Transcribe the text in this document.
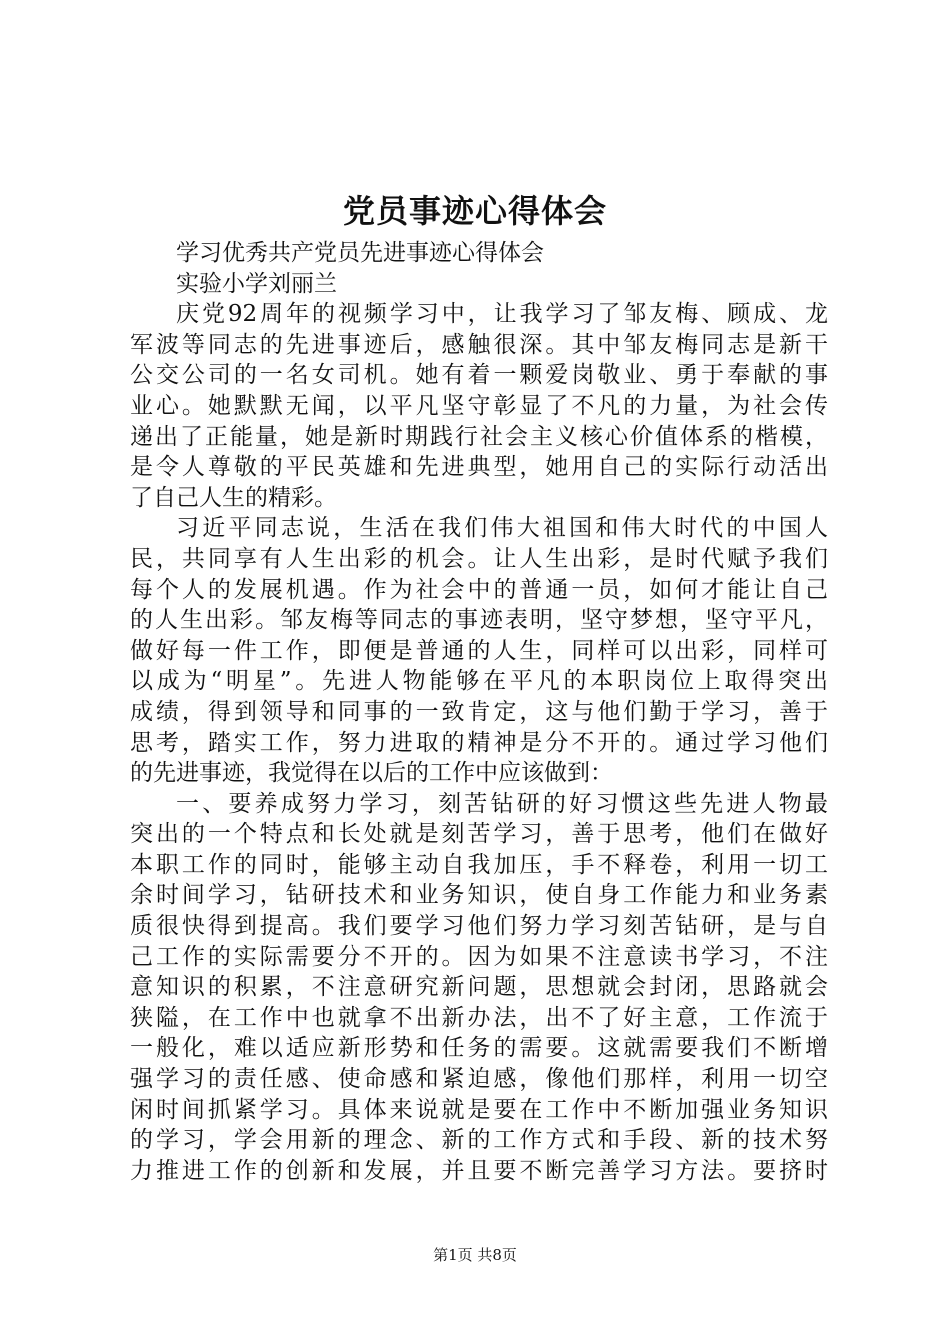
党员事迹心得体会
学习优秀共产党员先进事迹心得体会
实验小学刘丽兰
庆党92周年的视频学习中，让我学习了邹友梅、顾成、龙
军波等同志的先进事迹后，感触很深。其中邹友梅同志是新干
公交公司的一名女司机。她有着一颗爱岗敬业、勇于奉献的事
业心。她默默无闻，以平凡坚守彰显了不凡的力量，为社会传
递出了正能量，她是新时期践行社会主义核心价值体系的楷模，
是令人尊敬的平民英雄和先进典型，她用自己的实际行动活出
了自己人生的精彩。
习近平同志说，生活在我们伟大祖国和伟大时代的中国人
民，共同享有人生出彩的机会。让人生出彩，是时代赋予我们
每个人的发展机遇。作为社会中的普通一员，如何才能让自己
的人生出彩。邹友梅等同志的事迹表明，坚守梦想，坚守平凡，
做好每一件工作，即便是普通的人生，同样可以出彩，同样可
以成为“明星”。先进人物能够在平凡的本职岗位上取得突出
成绩，得到领导和同事的一致肯定，这与他们勤于学习，善于
思考，踏实工作，努力进取的精神是分不开的。通过学习他们
的先进事迹，我觉得在以后的工作中应该做到：
一、要养成努力学习，刻苦钻研的好习惯这些先进人物最
突出的一个特点和长处就是刻苦学习，善于思考，他们在做好
本职工作的同时，能够主动自我加压，手不释卷，利用一切工
余时间学习，钻研技术和业务知识，使自身工作能力和业务素
质很快得到提高。我们要学习他们努力学习刻苦钻研，是与自
己工作的实际需要分不开的。因为如果不注意读书学习，不注
意知识的积累，不注意研究新问题，思想就会封闭，思路就会
狭隘，在工作中也就拿不出新办法，出不了好主意，工作流于
一般化，难以适应新形势和任务的需要。这就需要我们不断增
强学习的责任感、使命感和紧迫感，像他们那样，利用一切空
闲时间抓紧学习。具体来说就是要在工作中不断加强业务知识
的学习，学会用新的理念、新的工作方式和手段、新的技术努
力推进工作的创新和发展，并且要不断完善学习方法。要挤时
第1页 共8页
